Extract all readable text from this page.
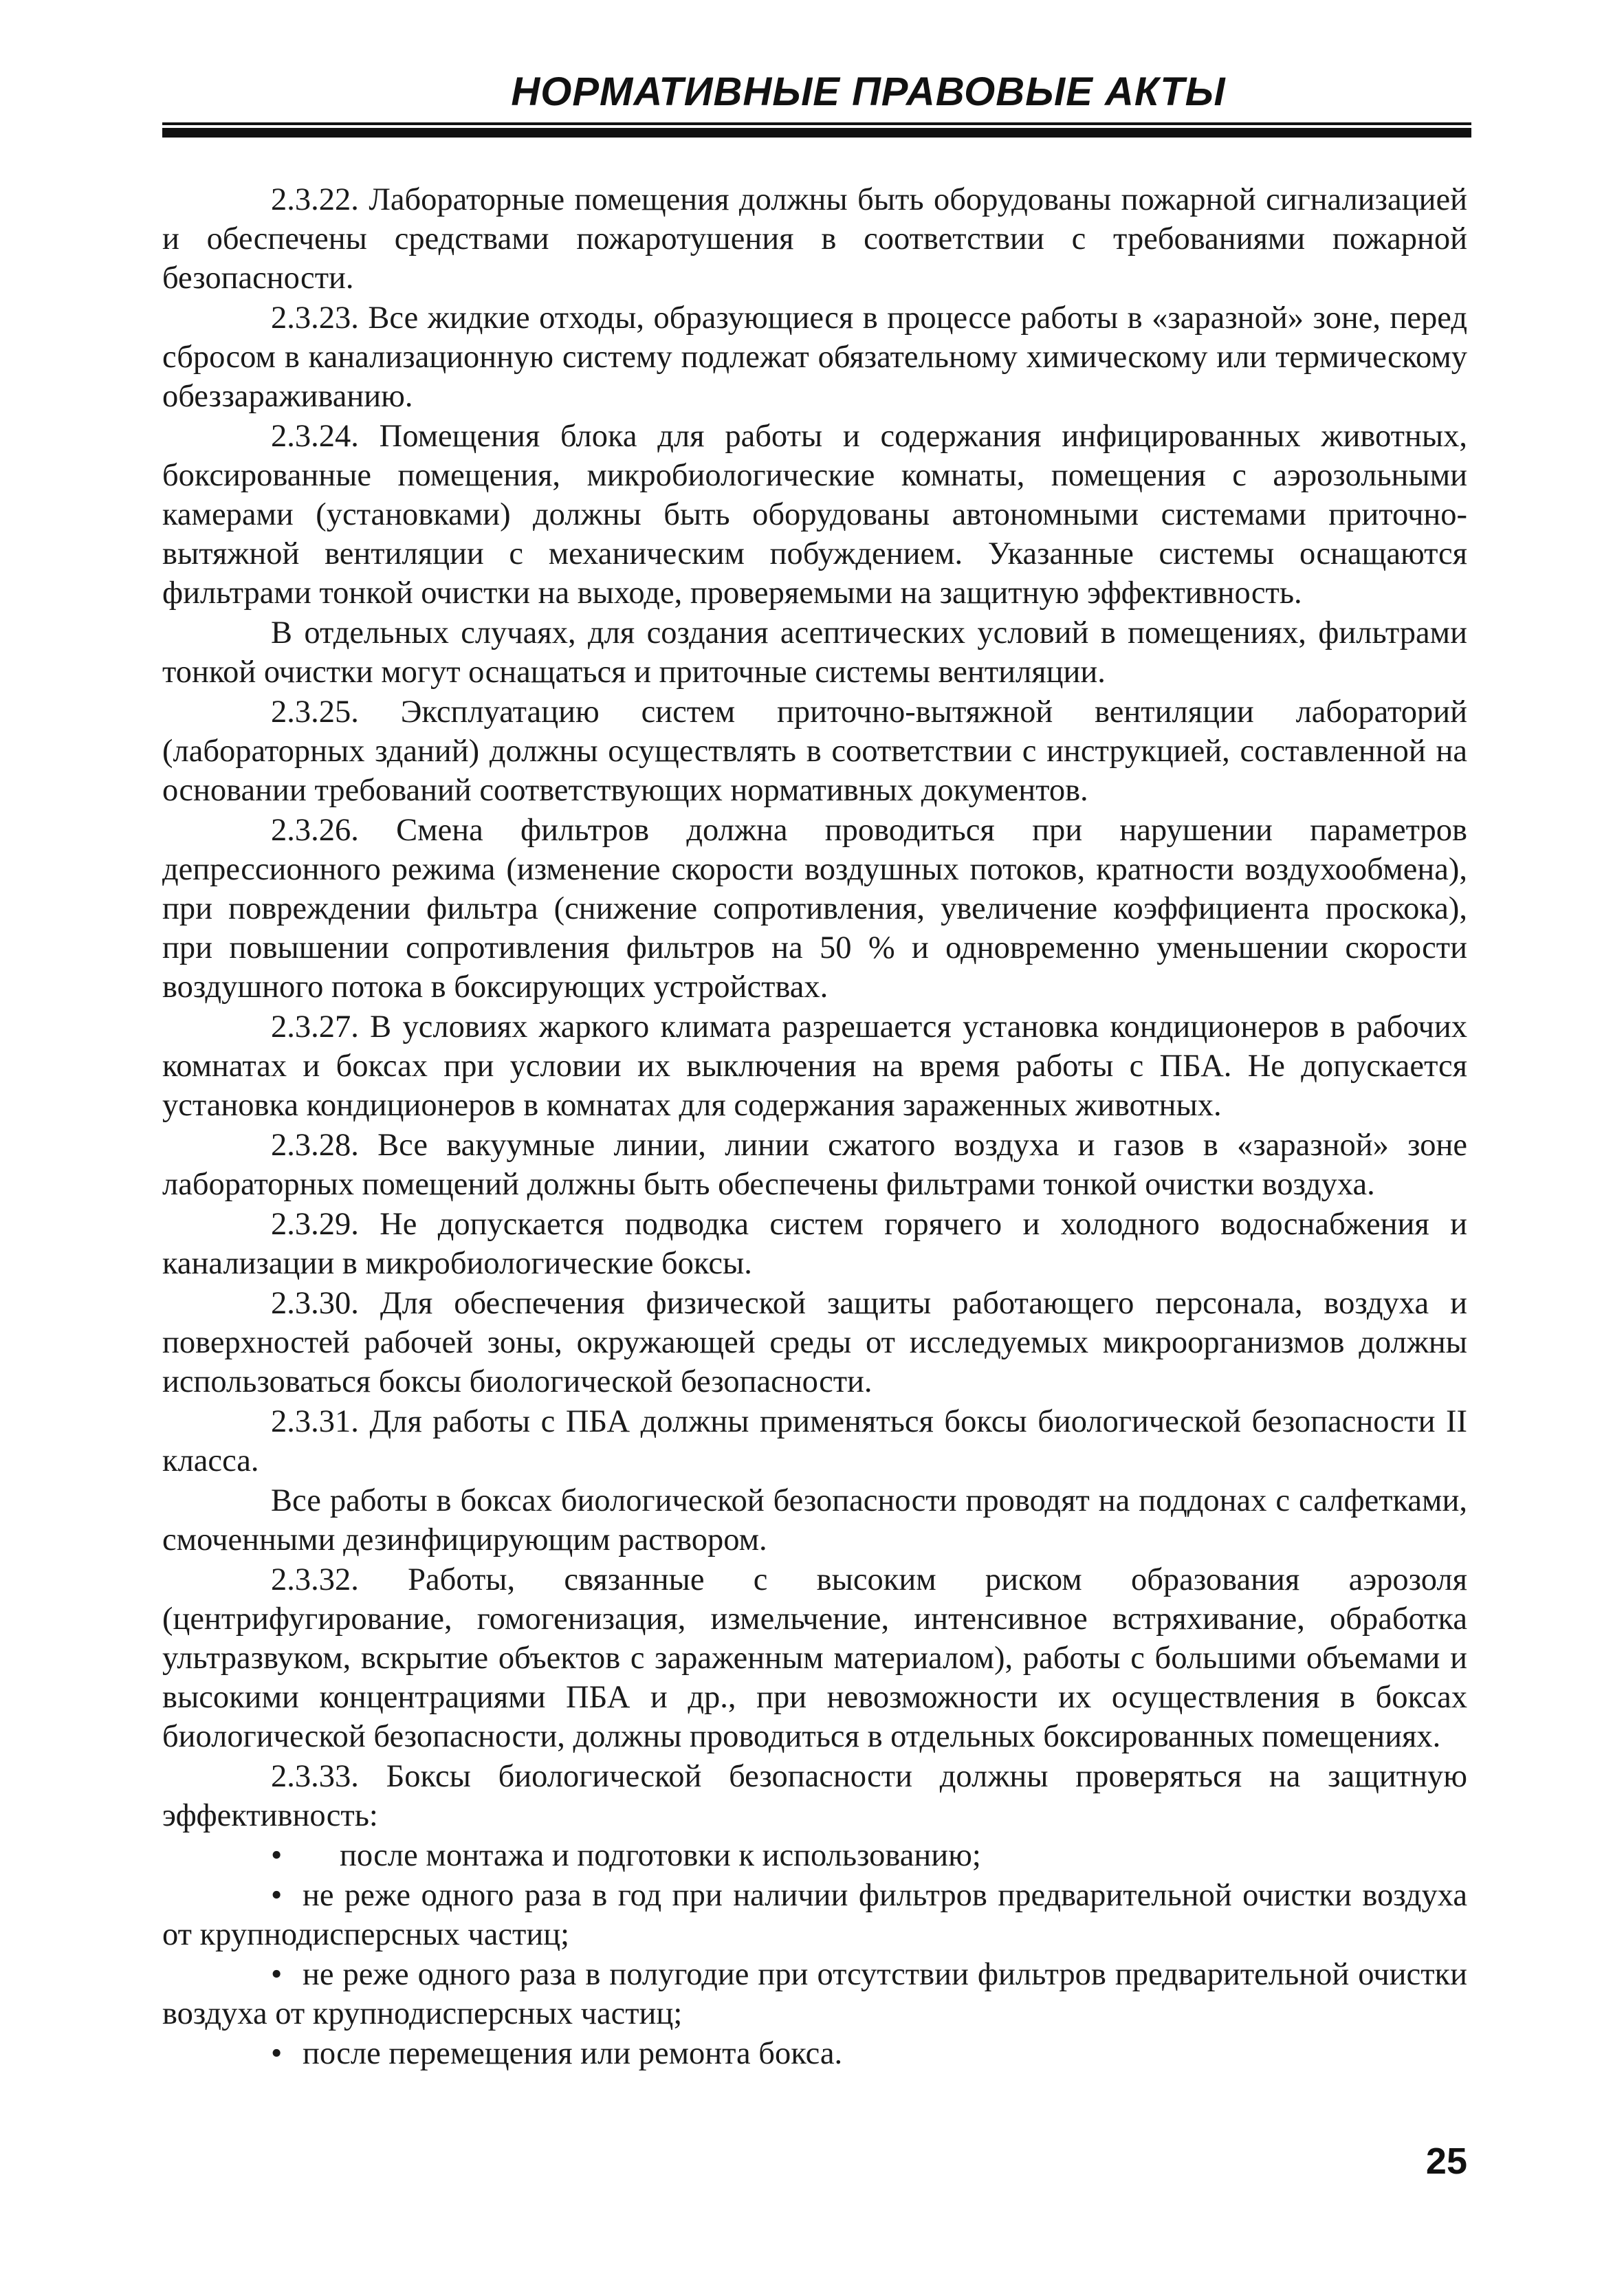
НОРМАТИВНЫЕ ПРАВОВЫЕ АКТЫ

2.3.22. Лабораторные помещения должны быть оборудованы пожарной сигнализацией и обеспечены средствами пожаротушения в соответствии с требованиями пожарной безопасности.

2.3.23. Все жидкие отходы, образующиеся в процессе работы в «заразной» зоне, перед сбросом в канализационную систему подлежат обязательному химическому или термическому обеззараживанию.

2.3.24. Помещения блока для работы и содержания инфицированных животных, боксированные помещения, микробиологические комнаты, помещения с аэрозольными камерами (установками) должны быть оборудованы автономными системами приточно-вытяжной вентиляции с механическим побуждением. Указанные системы оснащаются фильтрами тонкой очистки на выходе, проверяемыми на защитную эффективность.

В отдельных случаях, для создания асептических условий в помещениях, фильтрами тонкой очистки могут оснащаться и приточные системы вентиляции.

2.3.25. Эксплуатацию систем приточно-вытяжной вентиляции лабораторий (лабораторных зданий) должны осуществлять в соответствии с инструкцией, составленной на основании требований соответствующих нормативных документов.

2.3.26. Смена фильтров должна проводиться при нарушении параметров депрессионного режима (изменение скорости воздушных потоков, кратности воздухообмена), при повреждении фильтра (снижение сопротивления, увеличение коэффициента проскока), при повышении сопротивления фильтров на 50 % и одновременно уменьшении скорости воздушного потока в боксирующих устройствах.

2.3.27. В условиях жаркого климата разрешается установка кондиционеров в рабочих комнатах и боксах при условии их выключения на время работы с ПБА. Не допускается установка кондиционеров в комнатах для содержания зараженных животных.

2.3.28. Все вакуумные линии, линии сжатого воздуха и газов в «заразной» зоне лабораторных помещений должны быть обеспечены фильтрами тонкой очистки воздуха.

2.3.29. Не допускается подводка систем горячего и холодного водоснабжения и канализации в микробиологические боксы.

2.3.30. Для обеспечения физической защиты работающего персонала, воздуха и поверхностей рабочей зоны, окружающей среды от исследуемых микроорганизмов должны использоваться боксы биологической безопасности.

2.3.31. Для работы с ПБА должны применяться боксы биологической безопасности II класса.

Все работы в боксах биологической безопасности проводят на поддонах с салфетками, смоченными дезинфицирующим раствором.

2.3.32. Работы, связанные с высоким риском образования аэрозоля (центрифугирование, гомогенизация, измельчение, интенсивное встряхивание, обработка ультразвуком, вскрытие объектов с зараженным материалом), работы с большими объемами и высокими концентрациями ПБА и др., при невозможности их осуществления в боксах биологической безопасности, должны проводиться в отдельных боксированных помещениях.

2.3.33. Боксы биологической безопасности должны проверяться на защитную эффективность:

• после монтажа и подготовки к использованию;
• не реже одного раза в год при наличии фильтров предварительной очистки воздуха от крупнодисперсных частиц;
• не реже одного раза в полугодие при отсутствии фильтров предварительной очистки воздуха от крупнодисперсных частиц;
• после перемещения или ремонта бокса.
25
